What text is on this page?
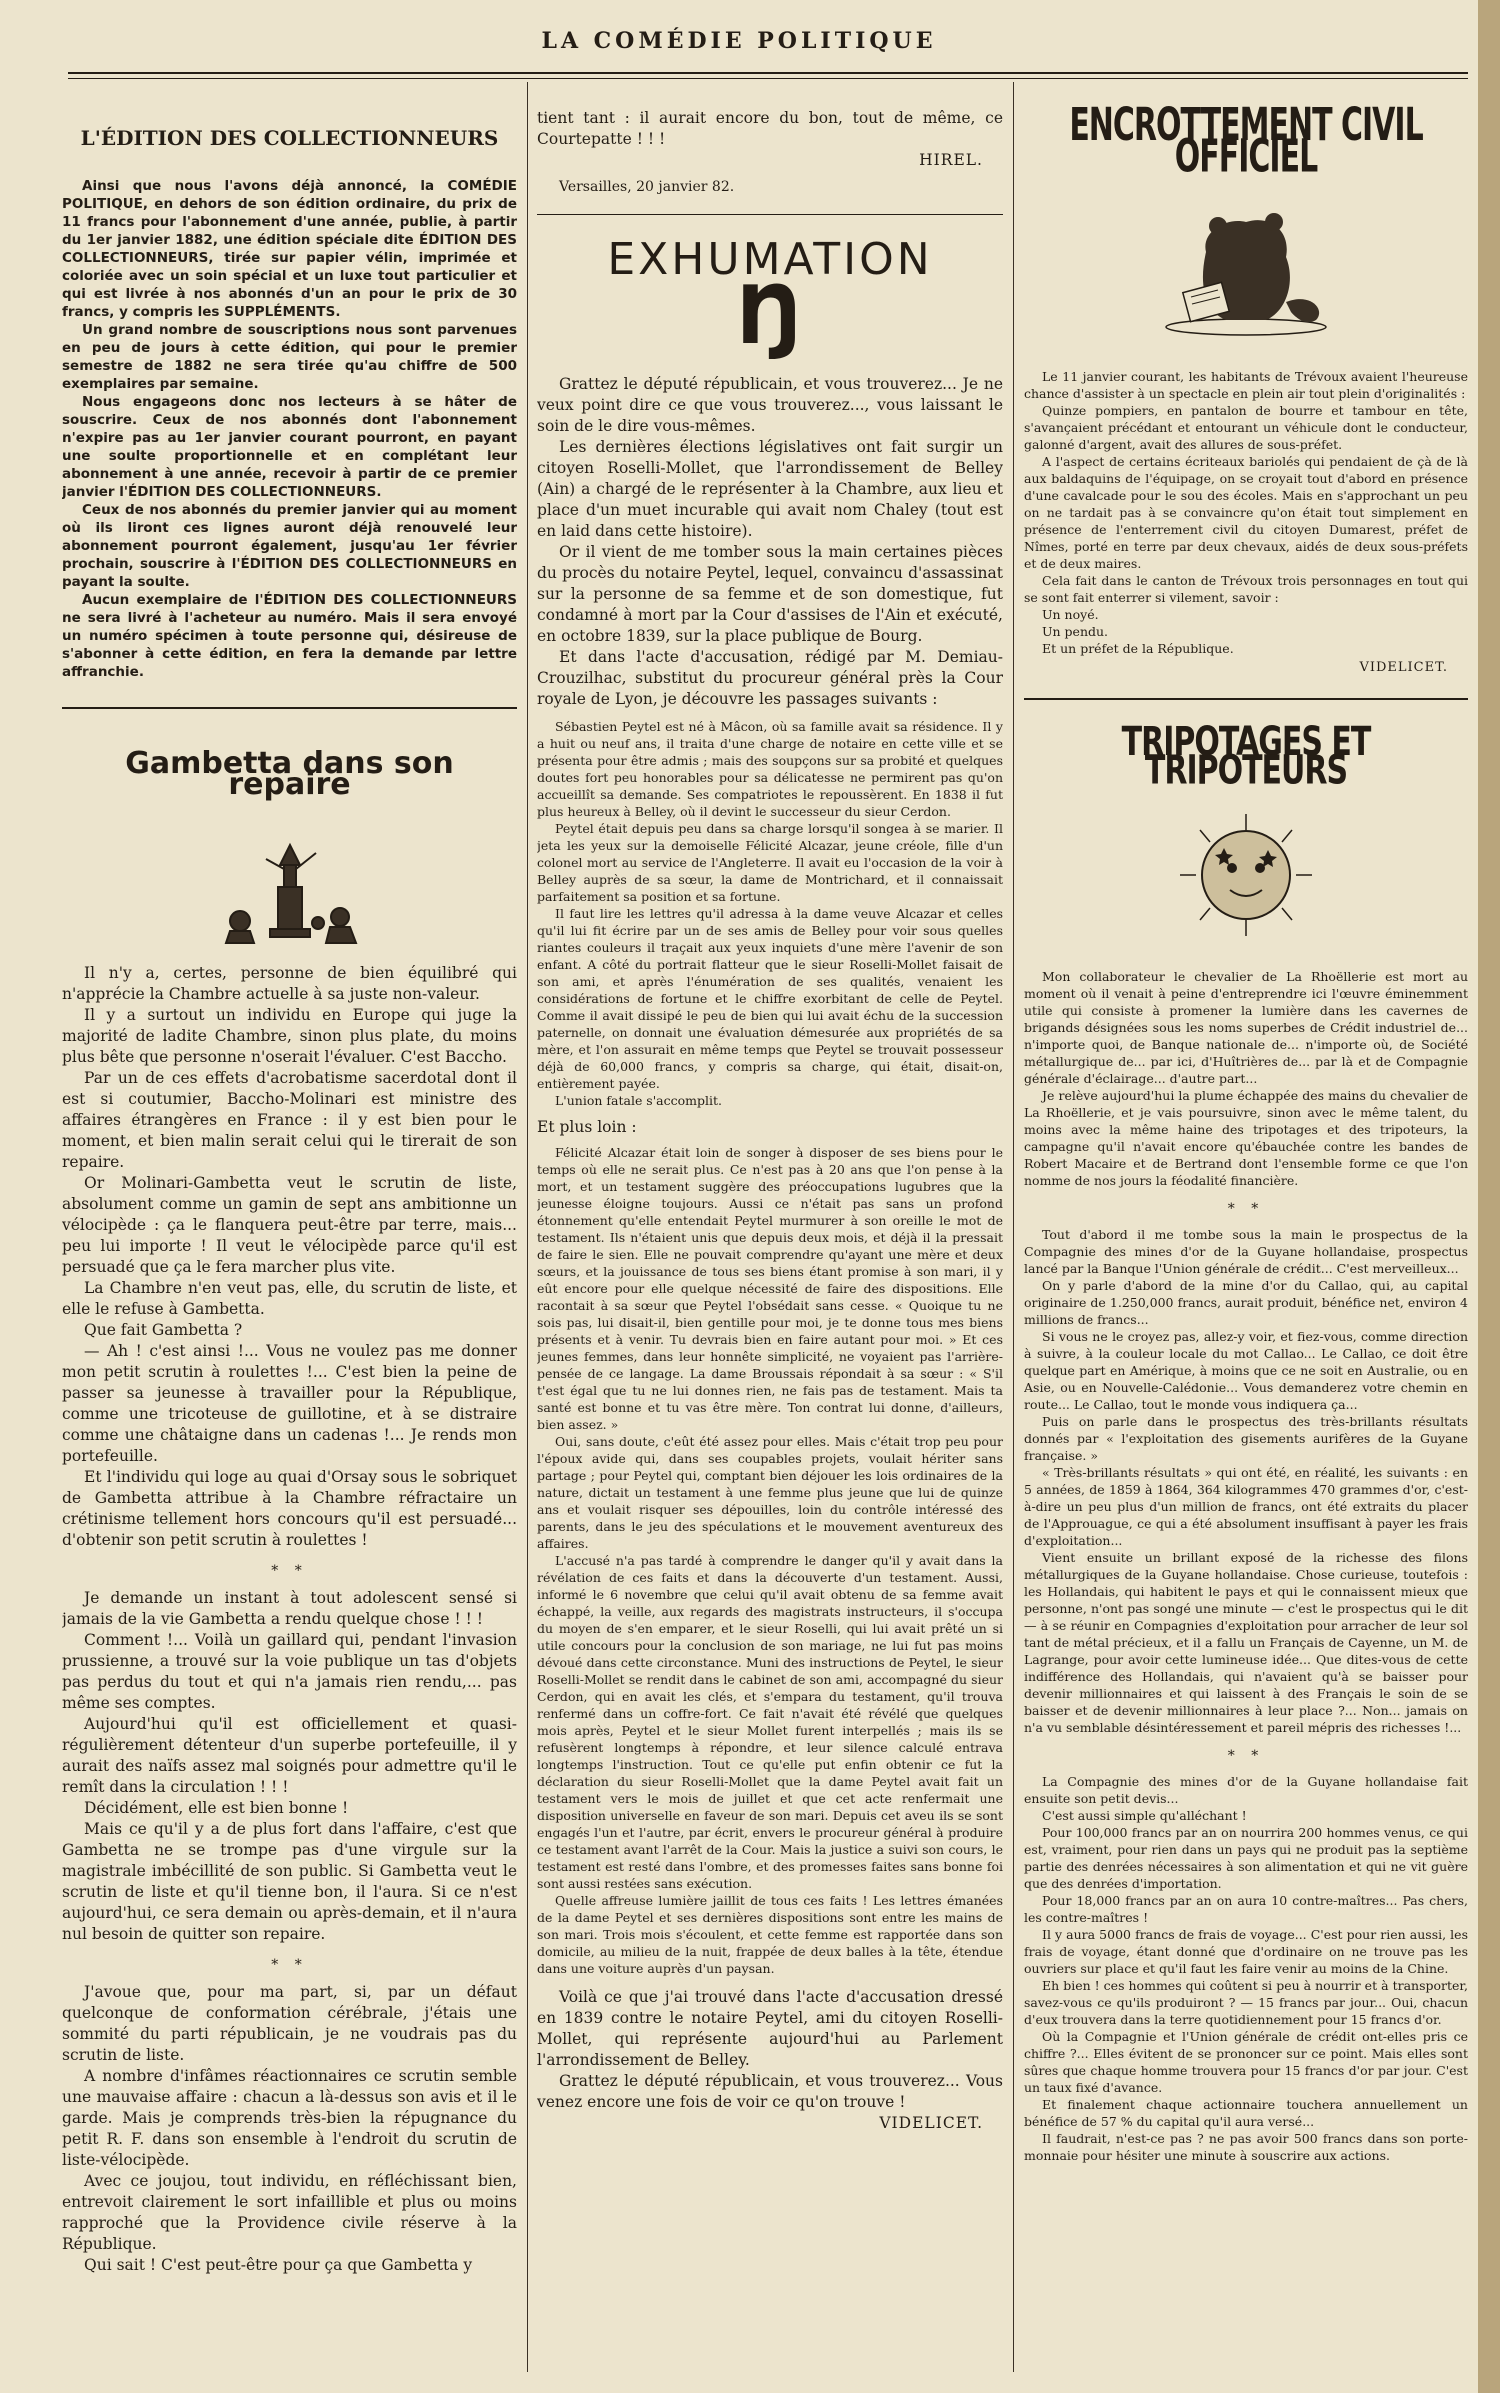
LA COMÉDIE POLITIQUE
L'ÉDITION DES COLLECTIONNEURS

Ainsi que nous l'avons déjà annoncé, la COMÉDIE POLITIQUE, en dehors de son édition ordinaire, du prix de 11 francs pour l'abonnement d'une année, publie, à partir du 1er janvier 1882, une édition spéciale dite ÉDITION DES COLLECTIONNEURS, tirée sur papier vélin, imprimée et coloriée avec un soin spécial et un luxe tout particulier et qui est livrée à nos abonnés d'un an pour le prix de 30 francs, y compris les SUPPLÉMENTS.

Un grand nombre de souscriptions nous sont parvenues en peu de jours à cette édition, qui pour le premier semestre de 1882 ne sera tirée qu'au chiffre de 500 exemplaires par semaine.

Nous engageons donc nos lecteurs à se hâter de souscrire. Ceux de nos abonnés dont l'abonnement n'expire pas au 1er janvier courant pourront, en payant une soulte proportionnelle et en complétant leur abonnement à une année, recevoir à partir de ce premier janvier l'ÉDITION DES COLLECTIONNEURS.

Ceux de nos abonnés du premier janvier qui au moment où ils liront ces lignes auront déjà renouvelé leur abonnement pourront également, jusqu'au 1er février prochain, souscrire à l'ÉDITION DES COLLECTIONNEURS en payant la soulte.

Aucun exemplaire de l'ÉDITION DES COLLECTIONNEURS ne sera livré à l'acheteur au numéro. Mais il sera envoyé un numéro spécimen à toute personne qui, désireuse de s'abonner à cette édition, en fera la demande par lettre affranchie.

Gambetta dans son repaire

Il n'y a, certes, personne de bien équilibré qui n'apprécie la Chambre actuelle à sa juste non-valeur.

Il y a surtout un individu en Europe qui juge la majorité de ladite Chambre, sinon plus plate, du moins plus bête que personne n'oserait l'évaluer. C'est Baccho.

Par un de ces effets d'acrobatisme sacerdotal dont il est si coutumier, Baccho-Molinari est ministre des affaires étrangères en France : il y est bien pour le moment, et bien malin serait celui qui le tirerait de son repaire.

Or Molinari-Gambetta veut le scrutin de liste, absolument comme un gamin de sept ans ambitionne un vélocipède : ça le flanquera peut-être par terre, mais... peu lui importe ! Il veut le vélocipède parce qu'il est persuadé que ça le fera marcher plus vite.

La Chambre n'en veut pas, elle, du scrutin de liste, et elle le refuse à Gambetta.

Que fait Gambetta ?

— Ah ! c'est ainsi !... Vous ne voulez pas me donner mon petit scrutin à roulettes !... C'est bien la peine de passer sa jeunesse à travailler pour la République, comme une tricoteuse de guillotine, et à se distraire comme une châtaigne dans un cadenas !... Je rends mon portefeuille.

Et l'individu qui loge au quai d'Orsay sous le sobriquet de Gambetta attribue à la Chambre réfractaire un crétinisme tellement hors concours qu'il est persuadé... d'obtenir son petit scrutin à roulettes !

* *

Je demande un instant à tout adolescent sensé si jamais de la vie Gambetta a rendu quelque chose ! ! !

Comment !... Voilà un gaillard qui, pendant l'invasion prussienne, a trouvé sur la voie publique un tas d'objets pas perdus du tout et qui n'a jamais rien rendu,... pas même ses comptes.

Aujourd'hui qu'il est officiellement et quasi-régulièrement détenteur d'un superbe portefeuille, il y aurait des naïfs assez mal soignés pour admettre qu'il le remît dans la circulation ! ! !

Décidément, elle est bien bonne !

Mais ce qu'il y a de plus fort dans l'affaire, c'est que Gambetta ne se trompe pas d'une virgule sur la magistrale imbécillité de son public. Si Gambetta veut le scrutin de liste et qu'il tienne bon, il l'aura. Si ce n'est aujourd'hui, ce sera demain ou après-demain, et il n'aura nul besoin de quitter son repaire.

* *

J'avoue que, pour ma part, si, par un défaut quelconque de conformation cérébrale, j'étais une sommité du parti républicain, je ne voudrais pas du scrutin de liste.

A nombre d'infâmes réactionnaires ce scrutin semble une mauvaise affaire : chacun a là-dessus son avis et il le garde. Mais je comprends très-bien la répugnance du petit R. F. dans son ensemble à l'endroit du scrutin de liste-vélocipède.

Avec ce joujou, tout individu, en réfléchissant bien, entrevoit clairement le sort infaillible et plus ou moins rapproché que la Providence civile réserve à la République.

Qui sait ! C'est peut-être pour ça que Gambetta y

tient tant : il aurait encore du bon, tout de même, ce Courtepatte ! ! !

HIREL.

Versailles, 20 janvier 82.

EXHUMATION
Ŋ

Grattez le député républicain, et vous trouverez... Je ne veux point dire ce que vous trouverez..., vous laissant le soin de le dire vous-mêmes.

Les dernières élections législatives ont fait surgir un citoyen Roselli-Mollet, que l'arrondissement de Belley (Ain) a chargé de le représenter à la Chambre, aux lieu et place d'un muet incurable qui avait nom Chaley (tout est en laid dans cette histoire).

Or il vient de me tomber sous la main certaines pièces du procès du notaire Peytel, lequel, convaincu d'assassinat sur la personne de sa femme et de son domestique, fut condamné à mort par la Cour d'assises de l'Ain et exécuté, en octobre 1839, sur la place publique de Bourg.

Et dans l'acte d'accusation, rédigé par M. Demiau-Crouzilhac, substitut du procureur général près la Cour royale de Lyon, je découvre les passages suivants :

Sébastien Peytel est né à Mâcon, où sa famille avait sa résidence. Il y a huit ou neuf ans, il traita d'une charge de notaire en cette ville et se présenta pour être admis ; mais des soupçons sur sa probité et quelques doutes fort peu honorables pour sa délicatesse ne permirent pas qu'on accueillît sa demande. Ses compatriotes le repoussèrent. En 1838 il fut plus heureux à Belley, où il devint le successeur du sieur Cerdon.

Peytel était depuis peu dans sa charge lorsqu'il songea à se marier. Il jeta les yeux sur la demoiselle Félicité Alcazar, jeune créole, fille d'un colonel mort au service de l'Angleterre. Il avait eu l'occasion de la voir à Belley auprès de sa sœur, la dame de Montrichard, et il connaissait parfaitement sa position et sa fortune.

Il faut lire les lettres qu'il adressa à la dame veuve Alcazar et celles qu'il lui fit écrire par un de ses amis de Belley pour voir sous quelles riantes couleurs il traçait aux yeux inquiets d'une mère l'avenir de son enfant. A côté du portrait flatteur que le sieur Roselli-Mollet faisait de son ami, et après l'énumération de ses qualités, venaient les considérations de fortune et le chiffre exorbitant de celle de Peytel. Comme il avait dissipé le peu de bien qui lui avait échu de la succession paternelle, on donnait une évaluation démesurée aux propriétés de sa mère, et l'on assurait en même temps que Peytel se trouvait possesseur déjà de 60,000 francs, y compris sa charge, qui était, disait-on, entièrement payée.

L'union fatale s'accomplit.

Et plus loin :

Félicité Alcazar était loin de songer à disposer de ses biens pour le temps où elle ne serait plus. Ce n'est pas à 20 ans que l'on pense à la mort, et un testament suggère des préoccupations lugubres que la jeunesse éloigne toujours. Aussi ce n'était pas sans un profond étonnement qu'elle entendait Peytel murmurer à son oreille le mot de testament. Ils n'étaient unis que depuis deux mois, et déjà il la pressait de faire le sien. Elle ne pouvait comprendre qu'ayant une mère et deux sœurs, et la jouissance de tous ses biens étant promise à son mari, il y eût encore pour elle quelque nécessité de faire des dispositions. Elle racontait à sa sœur que Peytel l'obsédait sans cesse. « Quoique tu ne sois pas, lui disait-il, bien gentille pour moi, je te donne tous mes biens présents et à venir. Tu devrais bien en faire autant pour moi. » Et ces jeunes femmes, dans leur honnête simplicité, ne voyaient pas l'arrière-pensée de ce langage. La dame Broussais répondait à sa sœur : « S'il t'est égal que tu ne lui donnes rien, ne fais pas de testament. Mais ta santé est bonne et tu vas être mère. Ton contrat lui donne, d'ailleurs, bien assez. »

Oui, sans doute, c'eût été assez pour elles. Mais c'était trop peu pour l'époux avide qui, dans ses coupables projets, voulait hériter sans partage ; pour Peytel qui, comptant bien déjouer les lois ordinaires de la nature, dictait un testament à une femme plus jeune que lui de quinze ans et voulait risquer ses dépouilles, loin du contrôle intéressé des parents, dans le jeu des spéculations et le mouvement aventureux des affaires.

L'accusé n'a pas tardé à comprendre le danger qu'il y avait dans la révélation de ces faits et dans la découverte d'un testament. Aussi, informé le 6 novembre que celui qu'il avait obtenu de sa femme avait échappé, la veille, aux regards des magistrats instructeurs, il s'occupa du moyen de s'en emparer, et le sieur Roselli, qui lui avait prêté un si utile concours pour la conclusion de son mariage, ne lui fut pas moins dévoué dans cette circonstance. Muni des instructions de Peytel, le sieur Roselli-Mollet se rendit dans le cabinet de son ami, accompagné du sieur Cerdon, qui en avait les clés, et s'empara du testament, qu'il trouva renfermé dans un coffre-fort. Ce fait n'avait été révélé que quelques mois après, Peytel et le sieur Mollet furent interpellés ; mais ils se refusèrent longtemps à répondre, et leur silence calculé entrava longtemps l'instruction. Tout ce qu'elle put enfin obtenir ce fut la déclaration du sieur Roselli-Mollet que la dame Peytel avait fait un testament vers le mois de juillet et que cet acte renfermait une disposition universelle en faveur de son mari. Depuis cet aveu ils se sont engagés l'un et l'autre, par écrit, envers le procureur général à produire ce testament avant l'arrêt de la Cour. Mais la justice a suivi son cours, le testament est resté dans l'ombre, et des promesses faites sans bonne foi sont aussi restées sans exécution.

Quelle affreuse lumière jaillit de tous ces faits ! Les lettres émanées de la dame Peytel et ses dernières dispositions sont entre les mains de son mari. Trois mois s'écoulent, et cette femme est rapportée dans son domicile, au milieu de la nuit, frappée de deux balles à la tête, étendue dans une voiture auprès d'un paysan.

Voilà ce que j'ai trouvé dans l'acte d'accusation dressé en 1839 contre le notaire Peytel, ami du citoyen Roselli-Mollet, qui représente aujourd'hui au Parlement l'arrondissement de Belley.

Grattez le député républicain, et vous trouverez... Vous venez encore une fois de voir ce qu'on trouve !

VIDELICET.
ENCROTTEMENT CIVIL OFFICIEL

Le 11 janvier courant, les habitants de Trévoux avaient l'heureuse chance d'assister à un spectacle en plein air tout plein d'originalités :

Quinze pompiers, en pantalon de bourre et tambour en tête, s'avançaient précédant et entourant un véhicule dont le conducteur, galonné d'argent, avait des allures de sous-préfet.

A l'aspect de certains écriteaux bariolés qui pendaient de çà de là aux baldaquins de l'équipage, on se croyait tout d'abord en présence d'une cavalcade pour le sou des écoles. Mais en s'approchant un peu on ne tardait pas à se convaincre qu'on était tout simplement en présence de l'enterrement civil du citoyen Dumarest, préfet de Nîmes, porté en terre par deux chevaux, aidés de deux sous-préfets et de deux maires.

Cela fait dans le canton de Trévoux trois personnages en tout qui se sont fait enterrer si vilement, savoir :

Un noyé.

Un pendu.

Et un préfet de la République.

VIDELICET.
TRIPOTAGES ET TRIPOTEURS

Mon collaborateur le chevalier de La Rhoëllerie est mort au moment où il venait à peine d'entreprendre ici l'œuvre éminemment utile qui consiste à promener la lumière dans les cavernes de brigands désignées sous les noms superbes de Crédit industriel de... n'importe quoi, de Banque nationale de... n'importe où, de Société métallurgique de... par ici, d'Huîtrières de... par là et de Compagnie générale d'éclairage... d'autre part...

Je relève aujourd'hui la plume échappée des mains du chevalier de La Rhoëllerie, et je vais poursuivre, sinon avec le même talent, du moins avec la même haine des tripotages et des tripoteurs, la campagne qu'il n'avait encore qu'ébauchée contre les bandes de Robert Macaire et de Bertrand dont l'ensemble forme ce que l'on nomme de nos jours la féodalité financière.

* *

Tout d'abord il me tombe sous la main le prospectus de la Compagnie des mines d'or de la Guyane hollandaise, prospectus lancé par la Banque l'Union générale de crédit... C'est merveilleux...

On y parle d'abord de la mine d'or du Callao, qui, au capital originaire de 1.250,000 francs, aurait produit, bénéfice net, environ 4 millions de francs...

Si vous ne le croyez pas, allez-y voir, et fiez-vous, comme direction à suivre, à la couleur locale du mot Callao... Le Callao, ce doit être quelque part en Amérique, à moins que ce ne soit en Australie, ou en Asie, ou en Nouvelle-Calédonie... Vous demanderez votre chemin en route... Le Callao, tout le monde vous indiquera ça...

Puis on parle dans le prospectus des très-brillants résultats donnés par « l'exploitation des gisements aurifères de la Guyane française. »

« Très-brillants résultats » qui ont été, en réalité, les suivants : en 5 années, de 1859 à 1864, 364 kilogrammes 470 grammes d'or, c'est-à-dire un peu plus d'un million de francs, ont été extraits du placer de l'Approuague, ce qui a été absolument insuffisant à payer les frais d'exploitation...

Vient ensuite un brillant exposé de la richesse des filons métallurgiques de la Guyane hollandaise. Chose curieuse, toutefois : les Hollandais, qui habitent le pays et qui le connaissent mieux que personne, n'ont pas songé une minute — c'est le prospectus qui le dit — à se réunir en Compagnies d'exploitation pour arracher de leur sol tant de métal précieux, et il a fallu un Français de Cayenne, un M. de Lagrange, pour avoir cette lumineuse idée... Que dites-vous de cette indifférence des Hollandais, qui n'avaient qu'à se baisser pour devenir millionnaires et qui laissent à des Français le soin de se baisser et de devenir millionnaires à leur place ?... Non... jamais on n'a vu semblable désintéressement et pareil mépris des richesses !...

* *

La Compagnie des mines d'or de la Guyane hollandaise fait ensuite son petit devis...

C'est aussi simple qu'alléchant !

Pour 100,000 francs par an on nourrira 200 hommes venus, ce qui est, vraiment, pour rien dans un pays qui ne produit pas la septième partie des denrées nécessaires à son alimentation et qui ne vit guère que des denrées d'importation.

Pour 18,000 francs par an on aura 10 contre-maîtres... Pas chers, les contre-maîtres !

Il y aura 5000 francs de frais de voyage... C'est pour rien aussi, les frais de voyage, étant donné que d'ordinaire on ne trouve pas les ouvriers sur place et qu'il faut les faire venir au moins de la Chine.

Eh bien ! ces hommes qui coûtent si peu à nourrir et à transporter, savez-vous ce qu'ils produiront ? — 15 francs par jour... Oui, chacun d'eux trouvera dans la terre quotidiennement pour 15 francs d'or.

Où la Compagnie et l'Union générale de crédit ont-elles pris ce chiffre ?... Elles évitent de se prononcer sur ce point. Mais elles sont sûres que chaque homme trouvera pour 15 francs d'or par jour. C'est un taux fixé d'avance.

Et finalement chaque actionnaire touchera annuellement un bénéfice de 57 % du capital qu'il aura versé...

Il faudrait, n'est-ce pas ? ne pas avoir 500 francs dans son porte-monnaie pour hésiter une minute à souscrire aux actions.
